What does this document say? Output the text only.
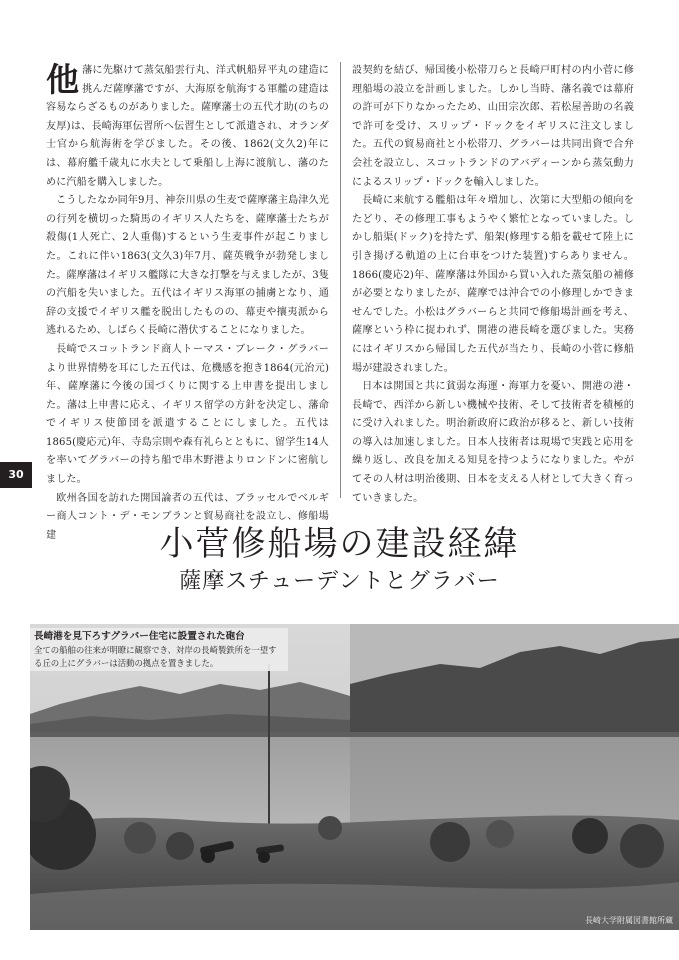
他藩に先駆けて蒸気船雲行丸、洋式帆船昇平丸の建造に挑んだ薩摩藩ですが、大海原を航海する軍艦の建造は容易ならざるものがありました。薩摩藩士の五代才助(のちの友厚)は、長崎海軍伝習所へ伝習生として派遣され、オランダ士官から航海術を学びました。その後、1862(文久2)年には、幕府艦千歳丸に水夫として乗船し上海に渡航し、藩のために汽船を購入しました。

こうしたなか同年9月、神奈川県の生麦で薩摩藩主島津久光の行列を横切った騎馬のイギリス人たちを、薩摩藩士たちが殺傷(1人死亡、2人重傷)するという生麦事件が起こりました。これに伴い1863(文久3)年7月、薩英戦争が勃発しました。薩摩藩はイギリス艦隊に大きな打撃を与えましたが、3隻の汽船を失いました。五代はイギリス海軍の捕虜となり、通辞の支援でイギリス艦を脱出したものの、幕吏や攘夷派から逃れるため、しばらく長崎に潜伏することになりました。

長崎でスコットランド商人トーマス・ブレーク・グラバーより世界情勢を耳にした五代は、危機感を抱き1864(元治元)年、薩摩藩に今後の国づくりに関する上申書を提出しました。藩は上申書に応え、イギリス留学の方針を決定し、藩命でイギリス使節団を派遣することにしました。五代は1865(慶応元)年、寺島宗則や森有礼らとともに、留学生14人を率いてグラバーの持ち船で串木野港よりロンドンに密航しました。

欧州各国を訪れた開国論者の五代は、ブラッセルでベルギー商人コント・デ・モンブランと貿易商社を設立し、修船場建

設契約を結び、帰国後小松帯刀らと長崎戸町村の内小菅に修理船場の設立を計画しました。しかし当時、藩名義では幕府の許可が下りなかったため、山田宗次郎、若松屋善助の名義で許可を受け、スリップ・ドックをイギリスに注文しました。五代の貿易商社と小松帯刀、グラバーは共同出資で合弁会社を設立し、スコットランドのアバディーンから蒸気動力によるスリップ・ドックを輸入しました。

長崎に来航する艦船は年々増加し、次第に大型船の傾向をたどり、その修理工事もようやく繁忙となっていました。しかし船渠(ドック)を持たず、船架(修理する船を載せて陸上に引き揚げる軌道の上に台車をつけた装置)すらありません。1866(慶応2)年、薩摩藩は外国から買い入れた蒸気船の補修が必要となりましたが、薩摩では沖合での小修理しかできませんでした。小松はグラバーらと共同で修船場計画を考え、薩摩という枠に捉われず、開港の港長崎を選びました。実務にはイギリスから帰国した五代が当たり、長崎の小菅に修船場が建設されました。

日本は開国と共に貧弱な海運・海軍力を憂い、開港の港・長崎で、西洋から新しい機械や技術、そして技術者を積極的に受け入れました。明治新政府に政治が移ると、新しい技術の導入は加速しました。日本人技術者は現場で実践と応用を繰り返し、改良を加える知見を持つようになりました。やがてその人材は明治後期、日本を支える人材として大きく育っていきました。

30
小菅修船場の建設経緯
薩摩スチューデントとグラバー
長崎大学附属図書館所蔵
長崎港を見下ろすグラバー住宅に設置された砲台
全ての船舶の往来が明瞭に観察でき、対岸の長崎製鉄所を一望する丘の上にグラバーは活動の拠点を置きました。
